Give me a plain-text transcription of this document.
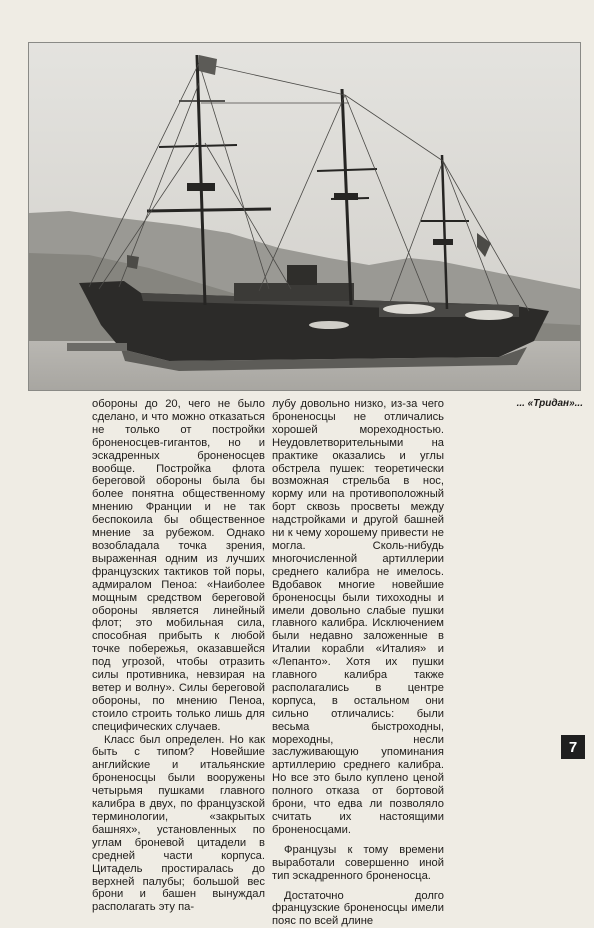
обороны до 20, чего не было сделано, и что можно отказаться не только от постройки броненосцев-гигантов, но и эскадренных броненосцев вообще. Постройка флота береговой обороны была бы более понятна общественному мнению Франции и не так беспокоила бы общественное мнение за рубежом. Однако возобладала точка зрения, выраженная одним из лучших французских тактиков той поры, адмиралом Пеноа: «Наиболее мощным средством береговой обороны является линейный флот; это мобильная сила, способная прибыть к любой точке побережья, оказавшейся под угрозой, чтобы отразить силы противника, невзирая на ветер и волну». Силы береговой обороны, по мнению Пеноа, стоило строить только лишь для специфических случаев.

Класс был определен. Но как быть с типом? Новейшие английские и итальянские броненосцы были вооружены четырьмя пушками главного калибра в двух, по французской терминологии, «закрытых башнях», установленных по углам броневой цитадели в средней части корпуса. Цитадель простиралась до верхней палубы; большой вес брони и башен вынуждал располагать эту па-

лубу довольно низко, из-за чего броненосцы не отличались хорошей мореходностью. Неудовлетворительными на практике оказались и углы обстрела пушек: теоретически возможная стрельба в нос, корму или на противоположный борт сквозь просветы между надстройками и другой башней ни к чему хорошему привести не могла. Сколь-нибудь многочисленной артиллерии среднего калибра не имелось. Вдобавок многие новейшие броненосцы были тихоходны и имели довольно слабые пушки главного калибра. Исключением были недавно заложенные в Италии корабли «Италия» и «Лепанто». Хотя их пушки главного калибра также располагались в центре корпуса, в остальном они сильно отличались: были весьма быстроходны, мореходны, несли заслуживающую упоминания артиллерию среднего калибра. Но все это было куплено ценой полного отказа от бортовой брони, что едва ли позволяло считать их настоящими броненосцами.

Французы к тому времени выработали совершенно иной тип эскадренного броненосца.

Достаточно долго французские броненосцы имели пояс по всей длине

... «Тридан»...
7
